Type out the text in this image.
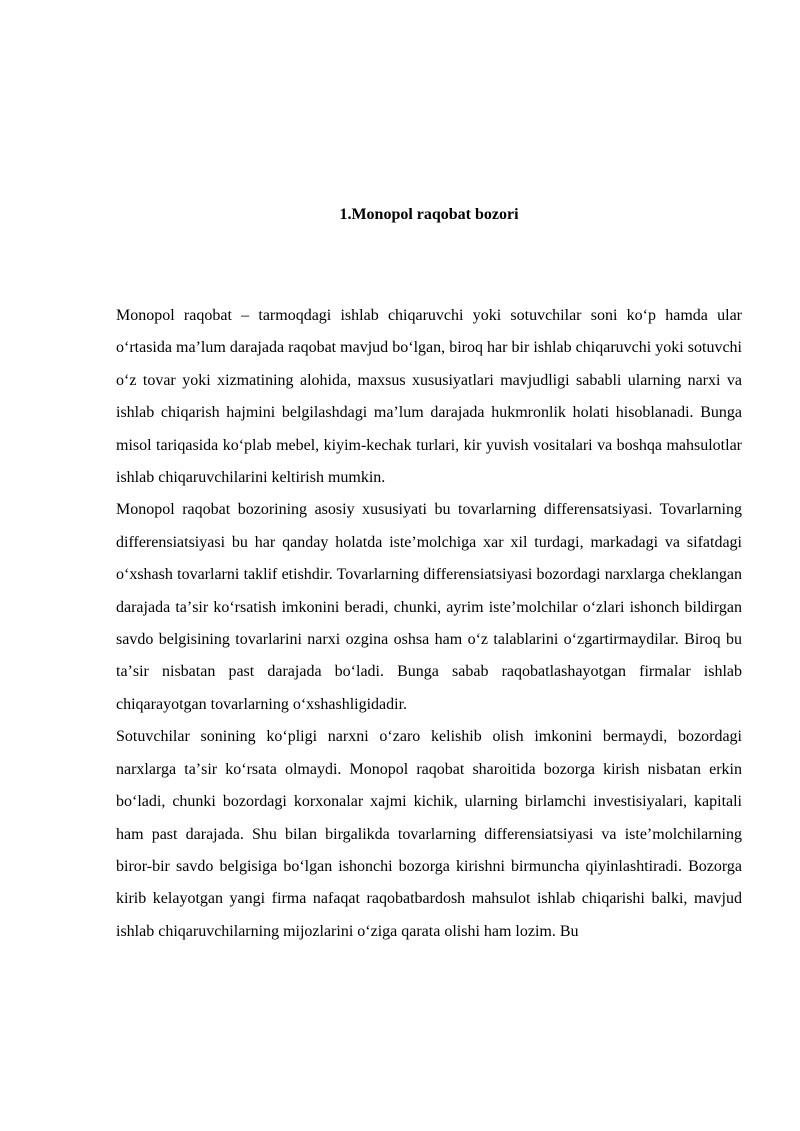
1.Monopol raqobat bozori

Monopol raqobat – tarmoqdagi ishlab chiqaruvchi yoki sotuvchilar soni koʻp hamda ular oʻrtasida maʼlum darajada raqobat mavjud boʻlgan, biroq har bir ishlab chiqaruvchi yoki sotuvchi oʻz tovar yoki xizmatining alohida, maxsus xususiyatlari mavjudligi sababli ularning narxi va ishlab chiqarish hajmini belgilashdagi maʼlum darajada hukmronlik holati hisoblanadi. Bunga misol tariqasida koʻplab mebel, kiyim-kechak turlari, kir yuvish vositalari va boshqa mahsulotlar ishlab chiqaruvchilarini keltirish mumkin.

Monopol raqobat bozorining asosiy xususiyati bu tovarlarning differensatsiyasi. Tovarlarning differensiatsiyasi bu har qanday holatda isteʼmolchiga xar xil turdagi, markadagi va sifatdagi oʻxshash tovarlarni taklif etishdir. Tovarlarning differensiatsiyasi bozordagi narxlarga cheklangan darajada taʼsir koʻrsatish imkonini beradi, chunki, ayrim isteʼmolchilar oʻzlari ishonch bildirgan savdo belgisining tovarlarini narxi ozgina oshsa ham oʻz talablarini oʻzgartirmaydilar. Biroq bu taʼsir nisbatan past darajada boʻladi. Bunga sabab raqobatlashayotgan firmalar ishlab chiqarayotgan tovarlarning oʻxshashligidadir.

Sotuvchilar sonining koʻpligi narxni oʻzaro kelishib olish imkonini bermaydi, bozordagi narxlarga taʼsir koʻrsata olmaydi. Monopol raqobat sharoitida bozorga kirish nisbatan erkin boʻladi, chunki bozordagi korxonalar xajmi kichik, ularning birlamchi investisiyalari, kapitali ham past darajada. Shu bilan birgalikda tovarlarning differensiatsiyasi va isteʼmolchilarning biror-bir savdo belgisiga boʻlgan ishonchi bozorga kirishni birmuncha qiyinlashtiradi. Bozorga kirib kelayotgan yangi firma nafaqat raqobatbardosh mahsulot ishlab chiqarishi balki, mavjud ishlab chiqaruvchilarning mijozlarini oʻziga qarata olishi ham lozim. Bu
